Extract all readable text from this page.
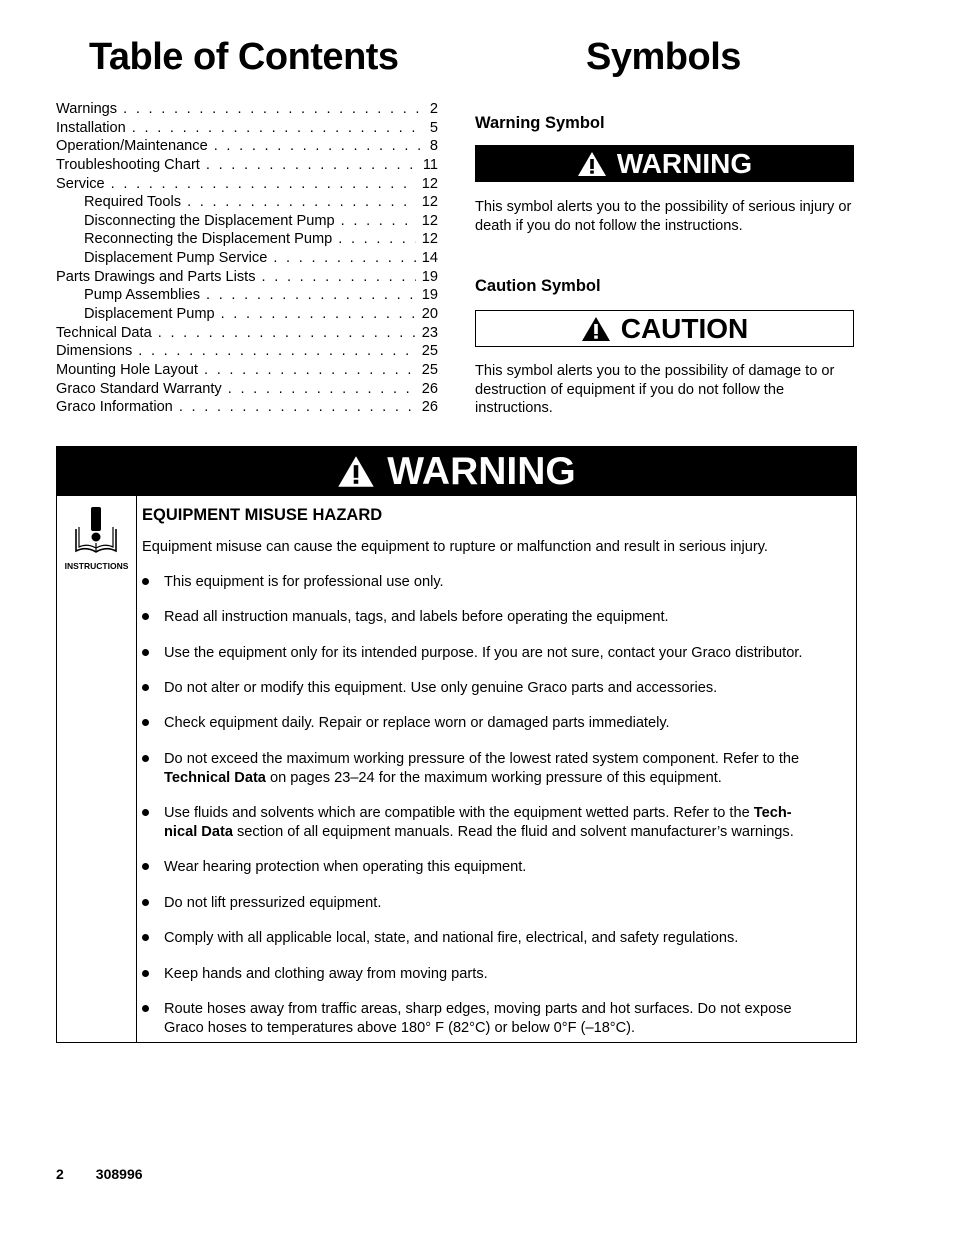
Table of Contents	Symbols
Warnings . . .	2
Installation . . .	5
Operation/Maintenance . . .	8
Troubleshooting Chart . . .	11
Service . . .	12
Required Tools . . .	12
Disconnecting the Displacement Pump . . .	12
Reconnecting the Displacement Pump . . .	12
Displacement Pump Service . . .	14
Parts Drawings and Parts Lists . . .	19
Pump Assemblies . . .	19
Displacement Pump . . .	20
Technical Data . . .	23
Dimensions . . .	25
Mounting Hole Layout . . .	25
Graco Standard Warranty . . .	26
Graco Information . . .	26
Warning Symbol
WARNING

This symbol alerts you to the possibility of serious injury or death if you do not follow the instructions.

Caution Symbol
CAUTION

This symbol alerts you to the possibility of damage to or destruction of equipment if you do not follow the instructions.

WARNING
INSTRUCTIONS
EQUIPMENT MISUSE HAZARD

Equipment misuse can cause the equipment to rupture or malfunction and result in serious injury.

This equipment is for professional use only.
Read all instruction manuals, tags, and labels before operating the equipment.
Use the equipment only for its intended purpose. If you are not sure, contact your Graco distributor.
Do not alter or modify this equipment. Use only genuine Graco parts and accessories.
Check equipment daily. Repair or replace worn or damaged parts immediately.
Do not exceed the maximum working pressure of the lowest rated system component. Refer to the
Technical Data on pages 23–24 for the maximum working pressure of this equipment.
Use fluids and solvents which are compatible with the equipment wetted parts. Refer to the Tech-
nical Data section of all equipment manuals. Read the fluid and solvent manufacturer’s warnings.
Wear hearing protection when operating this equipment.
Do not lift pressurized equipment.
Comply with all applicable local, state, and national fire, electrical, and safety regulations.
Keep hands and clothing away from moving parts.
Route hoses away from traffic areas, sharp edges, moving parts and hot surfaces. Do not expose
Graco hoses to temperatures above 180° F (82°C) or below 0°F (–18°C).
2 308996
